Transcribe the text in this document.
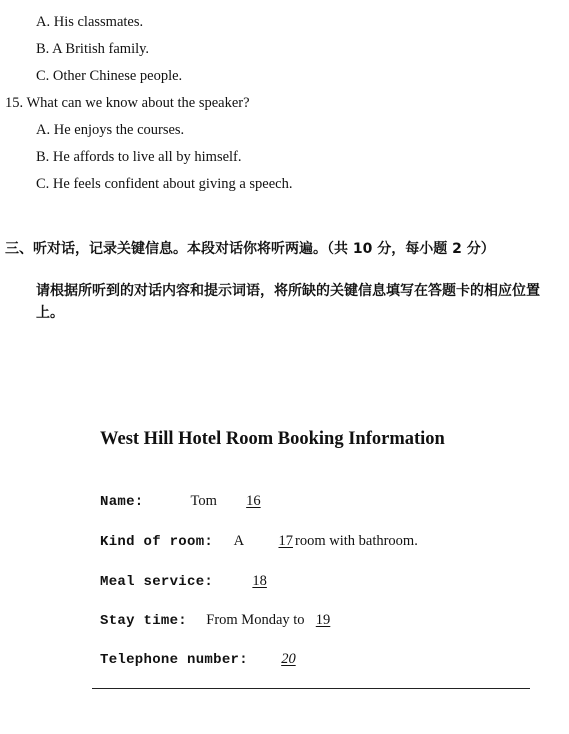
A. His classmates.
B. A British family.
C. Other Chinese people.
15. What can we know about the speaker?
A. He enjoys the courses.
B. He affords to live all by himself.
C. He feels confident about giving a speech.
三、听对话，记录关键信息。本段对话你将听两遍。（共 10 分，每小题 2 分）
请根据所听到的对话内容和提示词语，将所缺的关键信息填写在答题卡的相应位置上。
West Hill Hotel Room Booking Information
Name:	Tom 16
Kind of room: A 17 room with bathroom.
Meal service:	18
Stay time: From Monday to 19
Telephone number: 20
